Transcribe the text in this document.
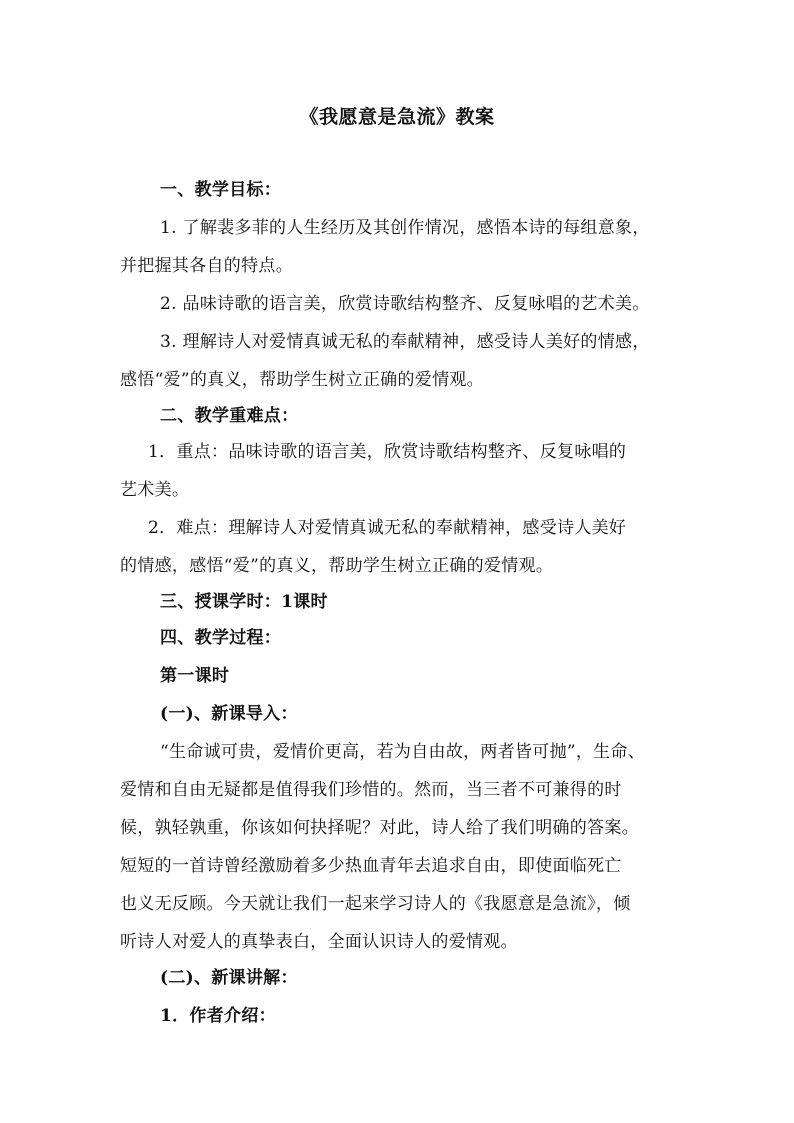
《我愿意是急流》教案
一、教学目标：
1. 了解裴多菲的人生经历及其创作情况，感悟本诗的每组意象，
并把握其各自的特点。
2. 品味诗歌的语言美，欣赏诗歌结构整齐、反复咏唱的艺术美。
3. 理解诗人对爱情真诚无私的奉献精神，感受诗人美好的情感，
感悟“爱”的真义，帮助学生树立正确的爱情观。
二、教学重难点：
1．重点：品味诗歌的语言美，欣赏诗歌结构整齐、反复咏唱的
艺术美。
2．难点：理解诗人对爱情真诚无私的奉献精神，感受诗人美好
的情感，感悟“爱”的真义，帮助学生树立正确的爱情观。
三、授课学时：1课时
四、教学过程：
第一课时
(一)、新课导入：
“生命诚可贵，爱情价更高，若为自由故，两者皆可抛”，生命、
爱情和自由无疑都是值得我们珍惜的。然而，当三者不可兼得的时
候，孰轻孰重，你该如何抉择呢？对此，诗人给了我们明确的答案。
短短的一首诗曾经激励着多少热血青年去追求自由，即使面临死亡
也义无反顾。今天就让我们一起来学习诗人的《我愿意是急流》，倾
听诗人对爱人的真挚表白，全面认识诗人的爱情观。
(二)、新课讲解：
1．作者介绍：
